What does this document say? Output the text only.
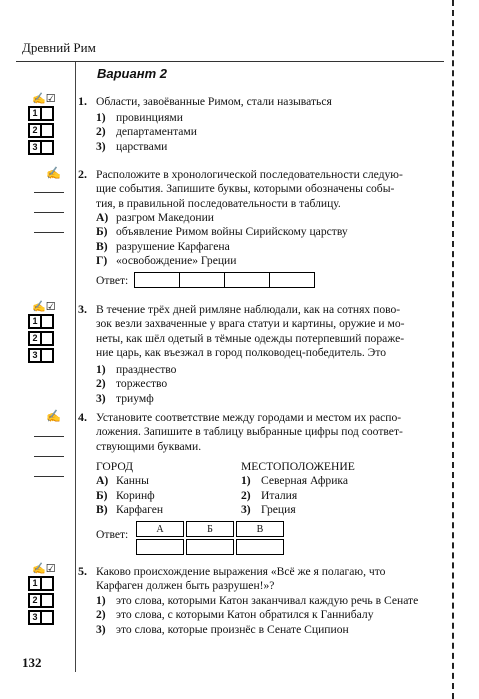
Древний Рим
Вариант 2
✍☑
1
2
3
1. Области, завоёванные Римом, стали называться
1) провинциями
2) департаментами
3) царствами
✍ 2. Расположите в хронологической последовательности следую-
щие события. Запишите буквы, которыми обозначены собы-
тия, в правильной последовательности в таблицу.
А) разгром Македонии
Б) объявление Римом войны Сирийскому царству
В) разрушение Карфагена
Г) «освобождение» Греции
Ответ:

✍☑
1
2
3
3. В течение трёх дней римляне наблюдали, как на сотнях пово-
зок везли захваченные у врага статуи и картины, оружие и мо-
неты, как шёл одетый в тёмные одежды потерпевший пораже-
ние царь, как въезжал в город полководец-победитель. Это
1) празднество
2) торжество
3) триумф
✍ 4. Установите соответствие между городами и местом их распо-
ложения. Запишите в таблицу выбранные цифры под соответ-
ствующими буквами.
ГОРОД
А) Канны
Б) Коринф
В) Карфаген
МЕСТОПОЛОЖЕНИЕ
1) Северная Африка
2) Италия
3) Греция
Ответ:	А	Б	В

✍☑
1
2
3
5. Каково происхождение выражения «Всё же я полагаю, что
Карфаген должен быть разрушен!»?
1) это слова, которыми Катон заканчивал каждую речь в Сенате
2) это слова, с которыми Катон обратился к Ганнибалу
3) это слова, которые произнёс в Сенате Сципион
132
